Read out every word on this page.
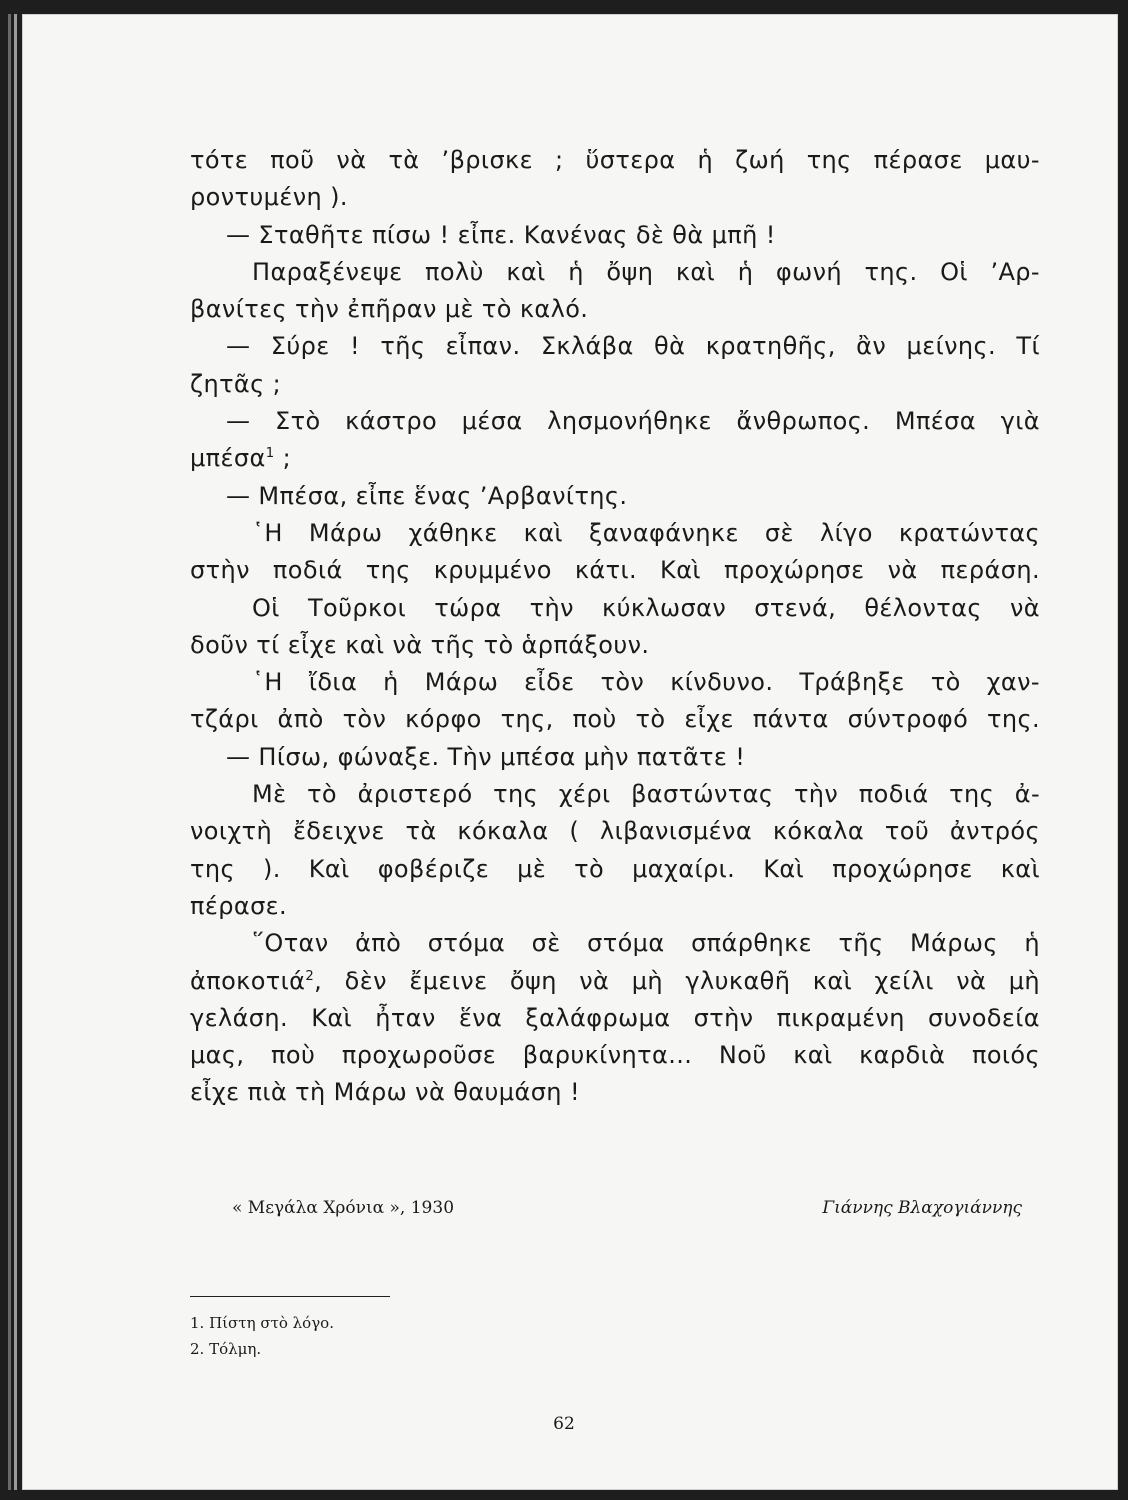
τότε ποῦ νὰ τὰ ’βρισκε ; ὕστερα ἡ ζωή της πέρασε μαυ-

ροντυμένη ).

— Σταθῆτε πίσω ! εἶπε. Κανένας δὲ θὰ μπῆ !

Παραξένεψε πολὺ καὶ ἡ ὄψη καὶ ἡ φωνή της. Οἱ ’Αρ-

βανίτες τὴν ἐπῆραν μὲ τὸ καλό.

— Σύρε ! τῆς εἶπαν. Σκλάβα θὰ κρατηθῆς, ἂν μείνης. Τί

ζητᾶς ;

— Στὸ κάστρο μέσα λησμονήθηκε ἄνθρωπος. Μπέσα γιὰ

μπέσα$^1$ ;

— Μπέσα, εἶπε ἕνας ’Αρβανίτης.

῾Η Μάρω χάθηκε καὶ ξαναφάνηκε σὲ λίγο κρατώντας

στὴν ποδιά της κρυμμένο κάτι. Καὶ προχώρησε νὰ περάση.

Οἱ Τοῦρκοι τώρα τὴν κύκλωσαν στενά, θέλοντας νὰ

δοῦν τί εἶχε καὶ νὰ τῆς τὸ ἁρπάξουν.

῾Η ἴδια ἡ Μάρω εἶδε τὸν κίνδυνο. Τράβηξε τὸ χαν-

τζάρι ἀπὸ τὸν κόρφο της, ποὺ τὸ εἶχε πάντα σύντροφό της.

— Πίσω, φώναξε. Τὴν μπέσα μὴν πατᾶτε !

Μὲ τὸ ἀριστερό της χέρι βαστώντας τὴν ποδιά της ἀ-

νοιχτὴ ἔδειχνε τὰ κόκαλα ( λιβανισμένα κόκαλα τοῦ ἀντρός

της ). Καὶ φοβέριζε μὲ τὸ μαχαίρι. Καὶ προχώρησε καὶ

πέρασε.

῞Οταν ἀπὸ στόμα σὲ στόμα σπάρθηκε τῆς Μάρως ἡ

ἀποκοτιά$^2$, δὲν ἔμεινε ὄψη νὰ μὴ γλυκαθῆ καὶ χείλι νὰ μὴ

γελάση. Καὶ ἦταν ἕνα ξαλάφρωμα στὴν πικραμένη συνοδεία

μας, ποὺ προχωροῦσε βαρυκίνητα... Νοῦ καὶ καρδιὰ ποιός

εἶχε πιὰ τὴ Μάρω νὰ θαυμάση !

« Μεγάλα Χρόνια », 1930	Γιάννης Βλαχογιάννης
1. Πίστη στὸ λόγο.
2. Τόλμη.
62
